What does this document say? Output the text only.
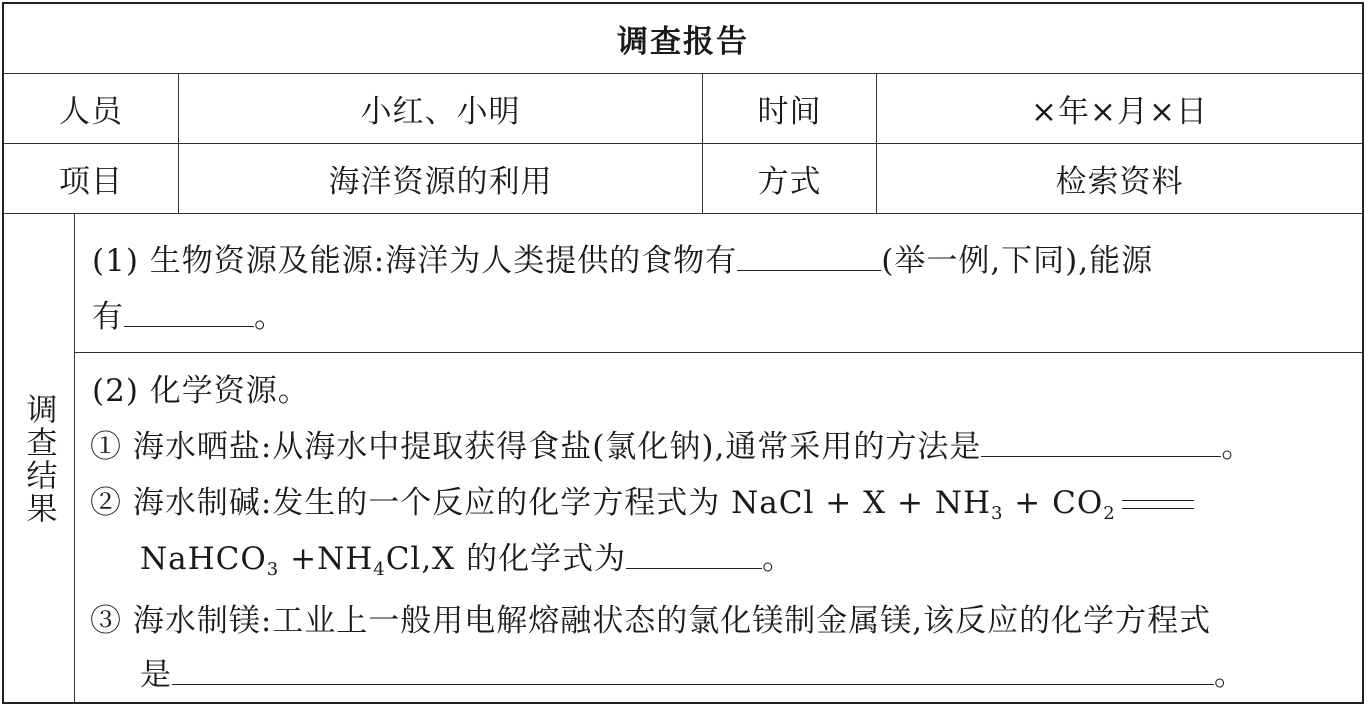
调查报告
人员	小红、小明	时间	×年×月×日
项目	海洋资源的利用	方式	检索资料
调查结果
(1) 生物资源及能源:海洋为人类提供的食物有	(举一例,下同),能源
有	。
(2) 化学资源。
① 海水晒盐:从海水中提取获得食盐(氯化钠),通常采用的方法是	。
② 海水制碱:发生的一个反应的化学方程式为 NaCl + $X + NH_3 + CO_2$
NaHCO$_3$ $+NH_4Cl,X$ 的化学式为	。
③ 海水制镁:工业上一般用电解熔融状态的氯化镁制金属镁,该反应的化学方程式
是	。
